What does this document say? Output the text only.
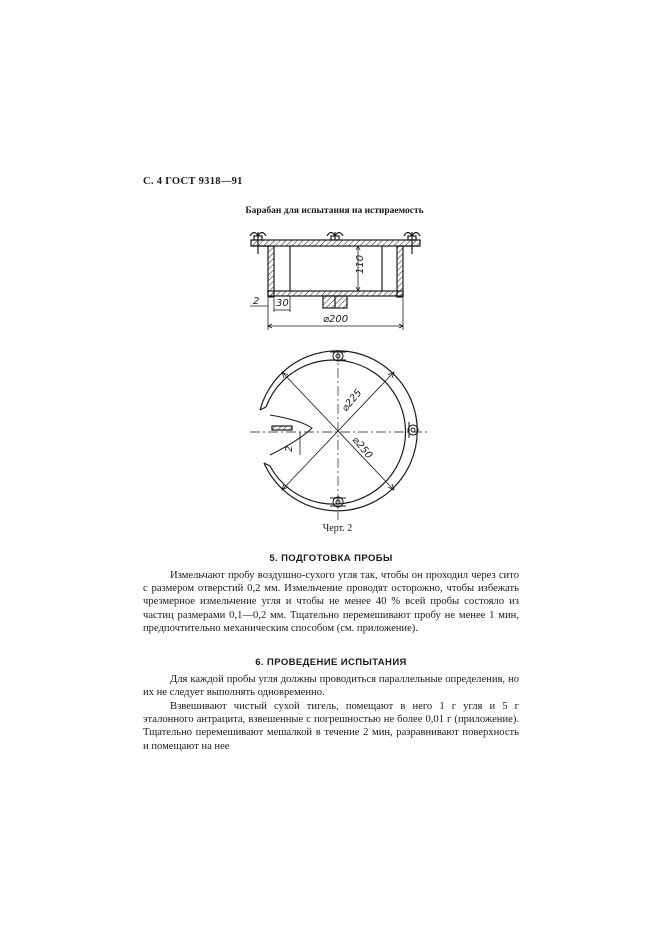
С. 4 ГОСТ 9318—91
Барабан для испытания на истираемость
110
2 30
⌀200
⌀225
⌀250
2
Черт. 2
5. ПОДГОТОВКА ПРОБЫ
Измельчают пробу воздушно-сухого угля так, чтобы он проходил через сито с размером отверстий 0,2 мм. Измельчение проводят осторожно, чтобы избежать чрезмерное измельчение угля и чтобы не менее 40 % всей пробы состояло из частиц размерами 0,1—0,2 мм. Тщательно перемешивают пробу не менее 1 мин, предпочтительно механическим способом (см. приложение).
6. ПРОВЕДЕНИЕ ИСПЫТАНИЯ
Для каждой пробы угля должны проводиться параллельные определения, но их не следует выполнять одновременно.
Взвешивают чистый сухой тигель, помещают в него 1 г угля и 5 г эталонного антрацита, взвешенные с погрешностью не более 0,01 г (приложение). Тщательно перемешивают мешалкой в течение 2 мин, разравнивают поверхность и помещают на нее
